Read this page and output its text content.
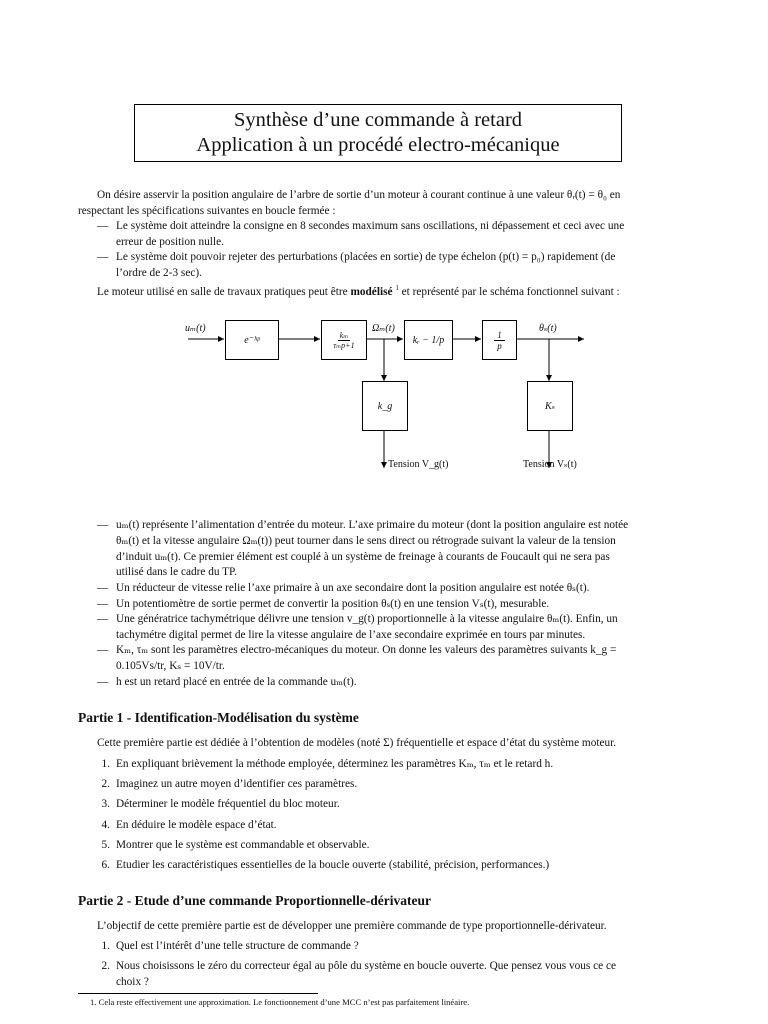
Synthèse d’une commande à retard
Application à un procédé electro-mécanique
On désire asservir la position angulaire de l’arbre de sortie d’un moteur à courant continue à une valeur θᵣ(t) = θ₀ en
respectant les spécifications suivantes en boucle fermée :
— Le système doit atteindre la consigne en 8 secondes maximum sans oscillations, ni dépassement et ceci avec une
erreur de position nulle.
— Le système doit pouvoir rejeter des perturbations (placées en sortie) de type échelon (p(t) = p₀) rapidement (de
l’ordre de 2-3 sec).
Le moteur utilisé en salle de travaux pratiques peut être modélisé $^1$ et représenté par le schéma fonctionnel suivant :
uₘ(t)
e⁻ʰᵖ	kₘ
τₘp+1
Ωₘ(t)
kᵣ − 1/p	$\frac{1}{p} \theta_s(t)$
k_g	Kₛ
Tension V_g(t)	Tension Vₛ(t)
— uₘ(t) représente l’alimentation d’entrée du moteur. L’axe primaire du moteur (dont la position angulaire est notée
θₘ(t) et la vitesse angulaire Ωₘ(t)) peut tourner dans le sens direct ou rétrograde suivant la valeur de la tension
d’induit uₘ(t). Ce premier élément est couplé à un système de freinage à courants de Foucault qui ne sera pas
utilisé dans le cadre du TP.
— Un réducteur de vitesse relie l’axe primaire à un axe secondaire dont la position angulaire est notée θₛ(t).
— Un potentiomètre de sortie permet de convertir la position θₛ(t) en une tension Vₛ(t), mesurable.
— Une génératrice tachymétrique délivre une tension v_g(t) proportionnelle à la vitesse angulaire θₘ(t). Enfin, un
tachymétre digital permet de lire la vitesse angulaire de l’axe secondaire exprimée en tours par minutes.
— Kₘ, τₘ sont les paramètres electro-mécaniques du moteur. On donne les valeurs des paramètres suivants k_g =
0.105Vs/tr, Kₛ = 10V/tr.
— h est un retard placé en entrée de la commande uₘ(t).
Partie 1 - Identification-Modélisation du système
Cette première partie est dédiée à l’obtention de modèles (noté Σ) fréquentielle et espace d’état du système moteur.
1. En expliquant brièvement la méthode employée, déterminez les paramètres Kₘ, τₘ et le retard h.
2. Imaginez un autre moyen d’identifier ces paramètres.
3. Déterminer le modèle fréquentiel du bloc moteur.
4. En déduire le modèle espace d’état.
5. Montrer que le système est commandable et observable.
6. Etudier les caractéristiques essentielles de la boucle ouverte (stabilité, précision, performances.)
Partie 2 - Etude d’une commande Proportionnelle-dérivateur
L’objectif de cette première partie est de développer une première commande de type proportionnelle-dérivateur.
1. Quel est l’intérêt d’une telle structure de commande ?
2. Nous choisissons le zéro du correcteur égal au pôle du système en boucle ouverte. Que pensez vous vous ce ce
choix ?
1. Cela reste effectivement une approximation. Le fonctionnement d’une MCC n’est pas parfaitement linéaire.
